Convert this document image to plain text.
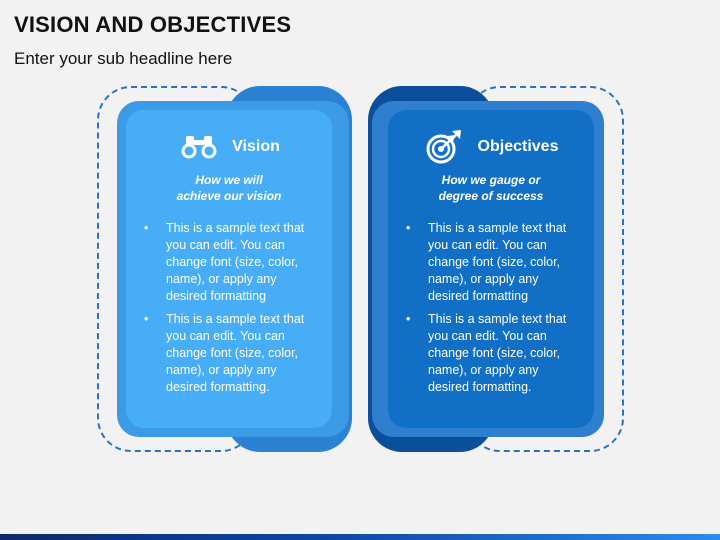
VISION AND OBJECTIVES

Enter your sub headline here

Vision
How we will
achieve our vision
• This is a sample text that you can edit. You can change font (size, color, name), or apply any desired formatting
• This is a sample text that you can edit. You can change font (size, color, name), or apply any desired formatting.
Objectives
How we gauge or
degree of success
• This is a sample text that you can edit. You can change font (size, color, name), or apply any desired formatting
• This is a sample text that you can edit. You can change font (size, color, name), or apply any desired formatting.
